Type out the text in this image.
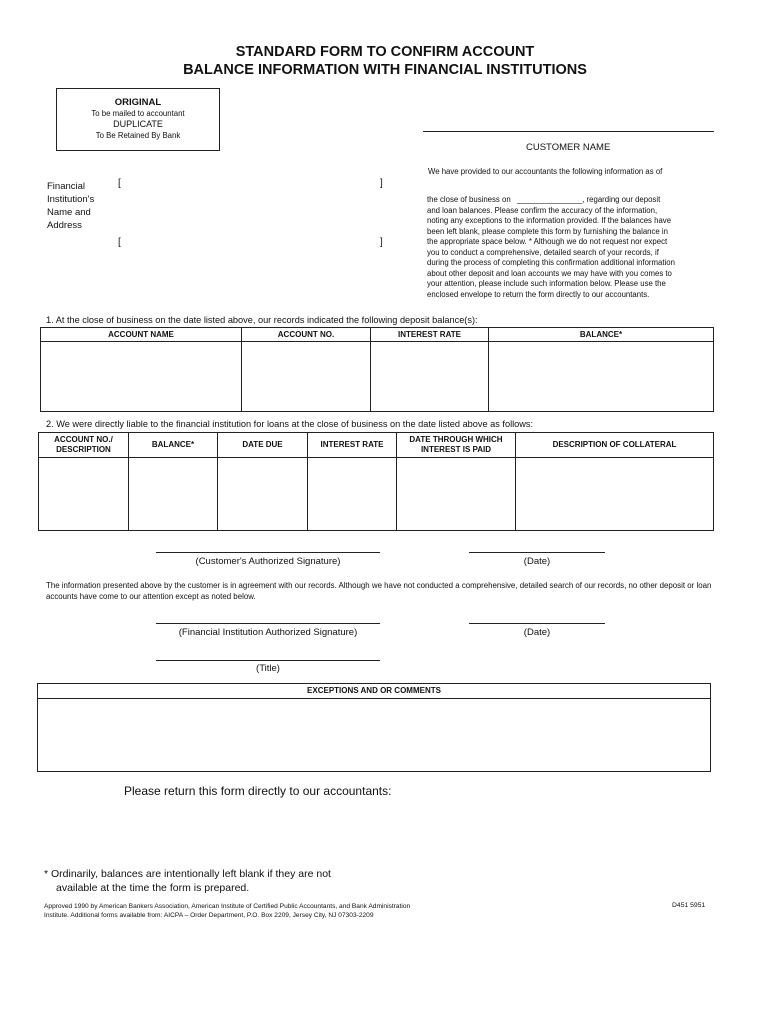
STANDARD FORM TO CONFIRM ACCOUNT
BALANCE INFORMATION WITH FINANCIAL INSTITUTIONS
ORIGINAL
To be mailed to accountant
DUPLICATE
To Be Retained By Bank
CUSTOMER NAME
Financial
Institution's
Name and
Address
[	]
[	]
We have provided to our accountants the following information as of
the close of business on _______________, regarding our deposit
and loan balances. Please confirm the accuracy of the information,
noting any exceptions to the information provided. If the balances have
been left blank, please complete this form by furnishing the balance in
the appropriate space below. * Although we do not request nor expect
you to conduct a comprehensive, detailed search of your records, if
during the process of completing this confirmation additional information
about other deposit and loan accounts we may have with you comes to
your attention, please include such information below. Please use the
enclosed envelope to return the form directly to our accountants.
1. At the close of business on the date listed above, our records indicated the following deposit balance(s):
ACCOUNT NAME	ACCOUNT NO.	INTEREST RATE	BALANCE*

2. We were directly liable to the financial institution for loans at the close of business on the date listed above as follows:
ACCOUNT NO./ DESCRIPTION	BALANCE*	DATE DUE	INTEREST RATE	DATE THROUGH WHICH INTEREST IS PAID	DESCRIPTION OF COLLATERAL

(Customer's Authorized Signature)	(Date)
The information presented above by the customer is in agreement with our records. Although we have not conducted a comprehensive, detailed search of our records, no other deposit or loan accounts have come to our attention except as noted below.
(Financial Institution Authorized Signature)	(Date)
(Title)
EXCEPTIONS AND OR COMMENTS
Please return this form directly to our accountants:
* Ordinarily, balances are intentionally left blank if they are not
available at the time the form is prepared.
Approved 1990 by American Bankers Association, American Institute of Certified Public Accountants, and Bank Administration
Institute. Additional forms available from: AICPA – Order Department, P.O. Box 2209, Jersey City, NJ 07303-2209
D451 5951
